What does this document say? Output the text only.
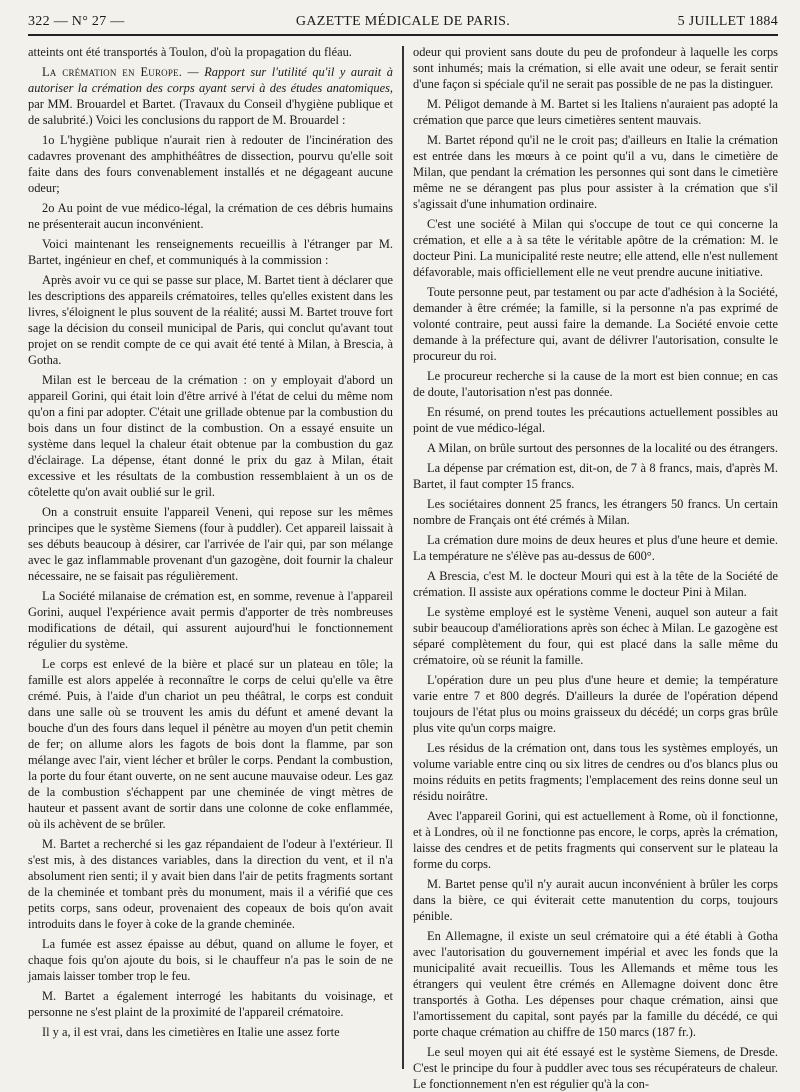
322 — N° 27 —	GAZETTE MÉDICALE DE PARIS.	5 JUILLET 1884

atteints ont été transportés à Toulon, d'où la propagation du fléau.

La crémation en Europe. — Rapport sur l'utilité qu'il y aurait à autoriser la crémation des corps ayant servi à des études anatomiques, par MM. Brouardel et Bartet. (Travaux du Conseil d'hygiène publique et de salubrité.) Voici les conclusions du rapport de M. Brouardel :

1o L'hygiène publique n'aurait rien à redouter de l'incinération des cadavres provenant des amphithéâtres de dissection, pourvu qu'elle soit faite dans des fours convenablement installés et ne dégageant aucune odeur;

2o Au point de vue médico-légal, la crémation de ces débris humains ne présenterait aucun inconvénient.

Voici maintenant les renseignements recueillis à l'étranger par M. Bartet, ingénieur en chef, et communiqués à la commission :

Après avoir vu ce qui se passe sur place, M. Bartet tient à déclarer que les descriptions des appareils crématoires, telles qu'elles existent dans les livres, s'éloignent le plus souvent de la réalité; aussi M. Bartet trouve fort sage la décision du conseil municipal de Paris, qui conclut qu'avant tout projet on se rendit compte de ce qui avait été tenté à Milan, à Brescia, à Gotha.

Milan est le berceau de la crémation : on y employait d'abord un appareil Gorini, qui était loin d'être arrivé à l'état de celui du même nom qu'on a fini par adopter. C'était une grillade obtenue par la combustion du bois dans un four distinct de la combustion. On a essayé ensuite un système dans lequel la chaleur était obtenue par la combustion du gaz d'éclairage. La dépense, étant donné le prix du gaz à Milan, était excessive et les résultats de la combustion ressemblaient à un os de côtelette qu'on avait oublié sur le gril.

On a construit ensuite l'appareil Veneni, qui repose sur les mêmes principes que le système Siemens (four à puddler). Cet appareil laissait à ses débuts beaucoup à désirer, car l'arrivée de l'air qui, par son mélange avec le gaz inflammable provenant d'un gazogène, doit fournir la chaleur nécessaire, ne se faisait pas régulièrement.

La Société milanaise de crémation est, en somme, revenue à l'appareil Gorini, auquel l'expérience avait permis d'apporter de très nombreuses modifications de détail, qui assurent aujourd'hui le fonctionnement régulier du système.

Le corps est enlevé de la bière et placé sur un plateau en tôle; la famille est alors appelée à reconnaître le corps de celui qu'elle va être crémé. Puis, à l'aide d'un chariot un peu théâtral, le corps est conduit dans une salle où se trouvent les amis du défunt et amené devant la bouche d'un des fours dans lequel il pénètre au moyen d'un petit chemin de fer; on allume alors les fagots de bois dont la flamme, par son mélange avec l'air, vient lécher et brûler le corps. Pendant la combustion, la porte du four étant ouverte, on ne sent aucune mauvaise odeur. Les gaz de la combustion s'échappent par une cheminée de vingt mètres de hauteur et passent avant de sortir dans une colonne de coke enflammée, où ils achèvent de se brûler.

M. Bartet a recherché si les gaz répandaient de l'odeur à l'extérieur. Il s'est mis, à des distances variables, dans la direction du vent, et il n'a absolument rien senti; il y avait bien dans l'air de petits fragments sortant de la cheminée et tombant près du monument, mais il a vérifié que ces petits corps, sans odeur, provenaient des copeaux de bois qu'on avait introduits dans le foyer à coke de la grande cheminée.

La fumée est assez épaisse au début, quand on allume le foyer, et chaque fois qu'on ajoute du bois, si le chauffeur n'a pas le soin de ne jamais laisser tomber trop le feu.

M. Bartet a également interrogé les habitants du voisinage, et personne ne s'est plaint de la proximité de l'appareil crématoire.

Il y a, il est vrai, dans les cimetières en Italie une assez forte

odeur qui provient sans doute du peu de profondeur à laquelle les corps sont inhumés; mais la crémation, si elle avait une odeur, se ferait sentir d'une façon si spéciale qu'il ne serait pas possible de ne pas la distinguer.

M. Péligot demande à M. Bartet si les Italiens n'auraient pas adopté la crémation que parce que leurs cimetières sentent mauvais.

M. Bartet répond qu'il ne le croit pas; d'ailleurs en Italie la crémation est entrée dans les mœurs à ce point qu'il a vu, dans le cimetière de Milan, que pendant la crémation les personnes qui sont dans le cimetière même ne se dérangent pas plus pour assister à la crémation que s'il s'agissait d'une inhumation ordinaire.

C'est une société à Milan qui s'occupe de tout ce qui concerne la crémation, et elle a à sa tête le véritable apôtre de la crémation: M. le docteur Pini. La municipalité reste neutre; elle attend, elle n'est nullement défavorable, mais officiellement elle ne veut prendre aucune initiative.

Toute personne peut, par testament ou par acte d'adhésion à la Société, demander à être crémée; la famille, si la personne n'a pas exprimé de volonté contraire, peut aussi faire la demande. La Société envoie cette demande à la préfecture qui, avant de délivrer l'autorisation, consulte le procureur du roi.

Le procureur recherche si la cause de la mort est bien connue; en cas de doute, l'autorisation n'est pas donnée.

En résumé, on prend toutes les précautions actuellement possibles au point de vue médico-légal.

A Milan, on brûle surtout des personnes de la localité ou des étrangers.

La dépense par crémation est, dit-on, de 7 à 8 francs, mais, d'après M. Bartet, il faut compter 15 francs.

Les sociétaires donnent 25 francs, les étrangers 50 francs. Un certain nombre de Français ont été crémés à Milan.

La crémation dure moins de deux heures et plus d'une heure et demie. La température ne s'élève pas au-dessus de 600°.

A Brescia, c'est M. le docteur Mouri qui est à la tête de la Société de crémation. Il assiste aux opérations comme le docteur Pini à Milan.

Le système employé est le système Veneni, auquel son auteur a fait subir beaucoup d'améliorations après son échec à Milan. Le gazogène est séparé complètement du four, qui est placé dans la salle même du crématoire, où se réunit la famille.

L'opération dure un peu plus d'une heure et demie; la température varie entre 7 et 800 degrés. D'ailleurs la durée de l'opération dépend toujours de l'état plus ou moins graisseux du décédé; un corps gras brûle plus vite qu'un corps maigre.

Les résidus de la crémation ont, dans tous les systèmes employés, un volume variable entre cinq ou six litres de cendres ou d'os blancs plus ou moins réduits en petits fragments; l'emplacement des reins donne seul un résidu noirâtre.

Avec l'appareil Gorini, qui est actuellement à Rome, où il fonctionne, et à Londres, où il ne fonctionne pas encore, le corps, après la crémation, laisse des cendres et de petits fragments qui conservent sur le plateau la forme du corps.

M. Bartet pense qu'il n'y aurait aucun inconvénient à brûler les corps dans la bière, ce qui éviterait cette manutention du corps, toujours pénible.

En Allemagne, il existe un seul crématoire qui a été établi à Gotha avec l'autorisation du gouvernement impérial et avec les fonds que la municipalité avait recueillis. Tous les Allemands et même tous les étrangers qui veulent être crémés en Allemagne doivent donc être transportés à Gotha. Les dépenses pour chaque crémation, ainsi que l'amortissement du capital, sont payés par la famille du décédé, ce qui porte chaque crémation au chiffre de 150 marcs (187 fr.).

Le seul moyen qui ait été essayé est le système Siemens, de Dresde. C'est le principe du four à puddler avec tous ses récupérateurs de chaleur. Le fonctionnement n'en est régulier qu'à la con-
